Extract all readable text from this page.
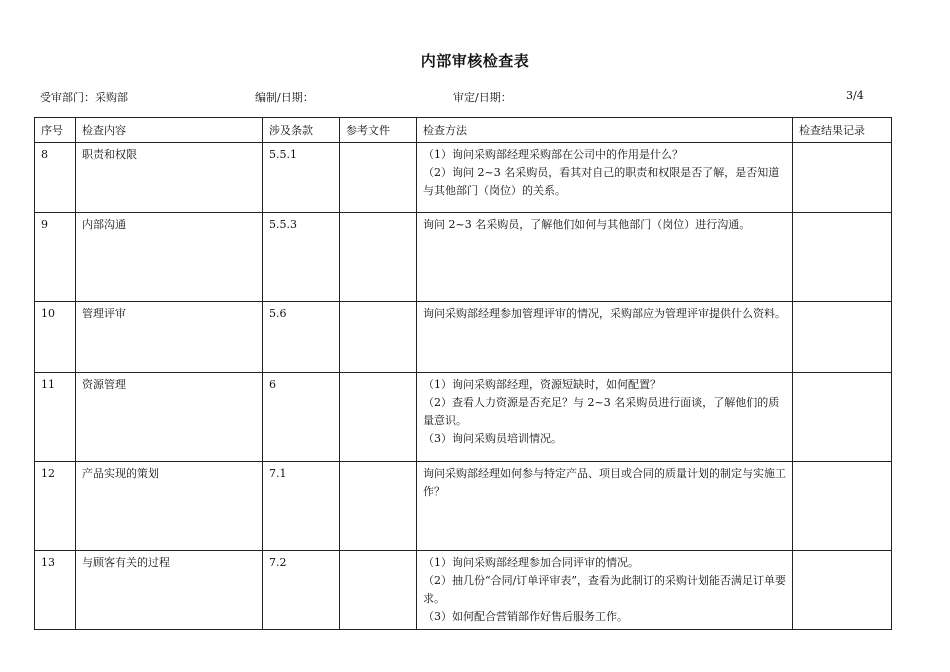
内部审核检查表
受审部门：采购部	编制/日期：	审定/日期：	3/4
序号	检查内容	涉及条款	参考文件	检查方法	检查结果记录
8	职责和权限	5.5.1		（1）询问采购部经理采购部在公司中的作用是什么？
（2）询问 2~3 名采购员，看其对自己的职责和权限是否了解，是否知道与其他部门（岗位）的关系。	

9	内部沟通	5.5.3		询问 2~3 名采购员，了解他们如何与其他部门（岗位）进行沟通。	

10	管理评审	5.6		询问采购部经理参加管理评审的情况，采购部应为管理评审提供什么资料。	

11	资源管理	6		（1）询问采购部经理，资源短缺时，如何配置？
（2）查看人力资源是否充足？与 2~3 名采购员进行面谈，了解他们的质量意识。
（3）询问采购员培训情况。	

12	产品实现的策划	7.1		询问采购部经理如何参与特定产品、项目或合同的质量计划的制定与实施工作？	

13	与顾客有关的过程	7.2		（1）询问采购部经理参加合同评审的情况。
（2）抽几份“合同/订单评审表”，查看为此制订的采购计划能否满足订单要求。
（3）如何配合营销部作好售后服务工作。	
